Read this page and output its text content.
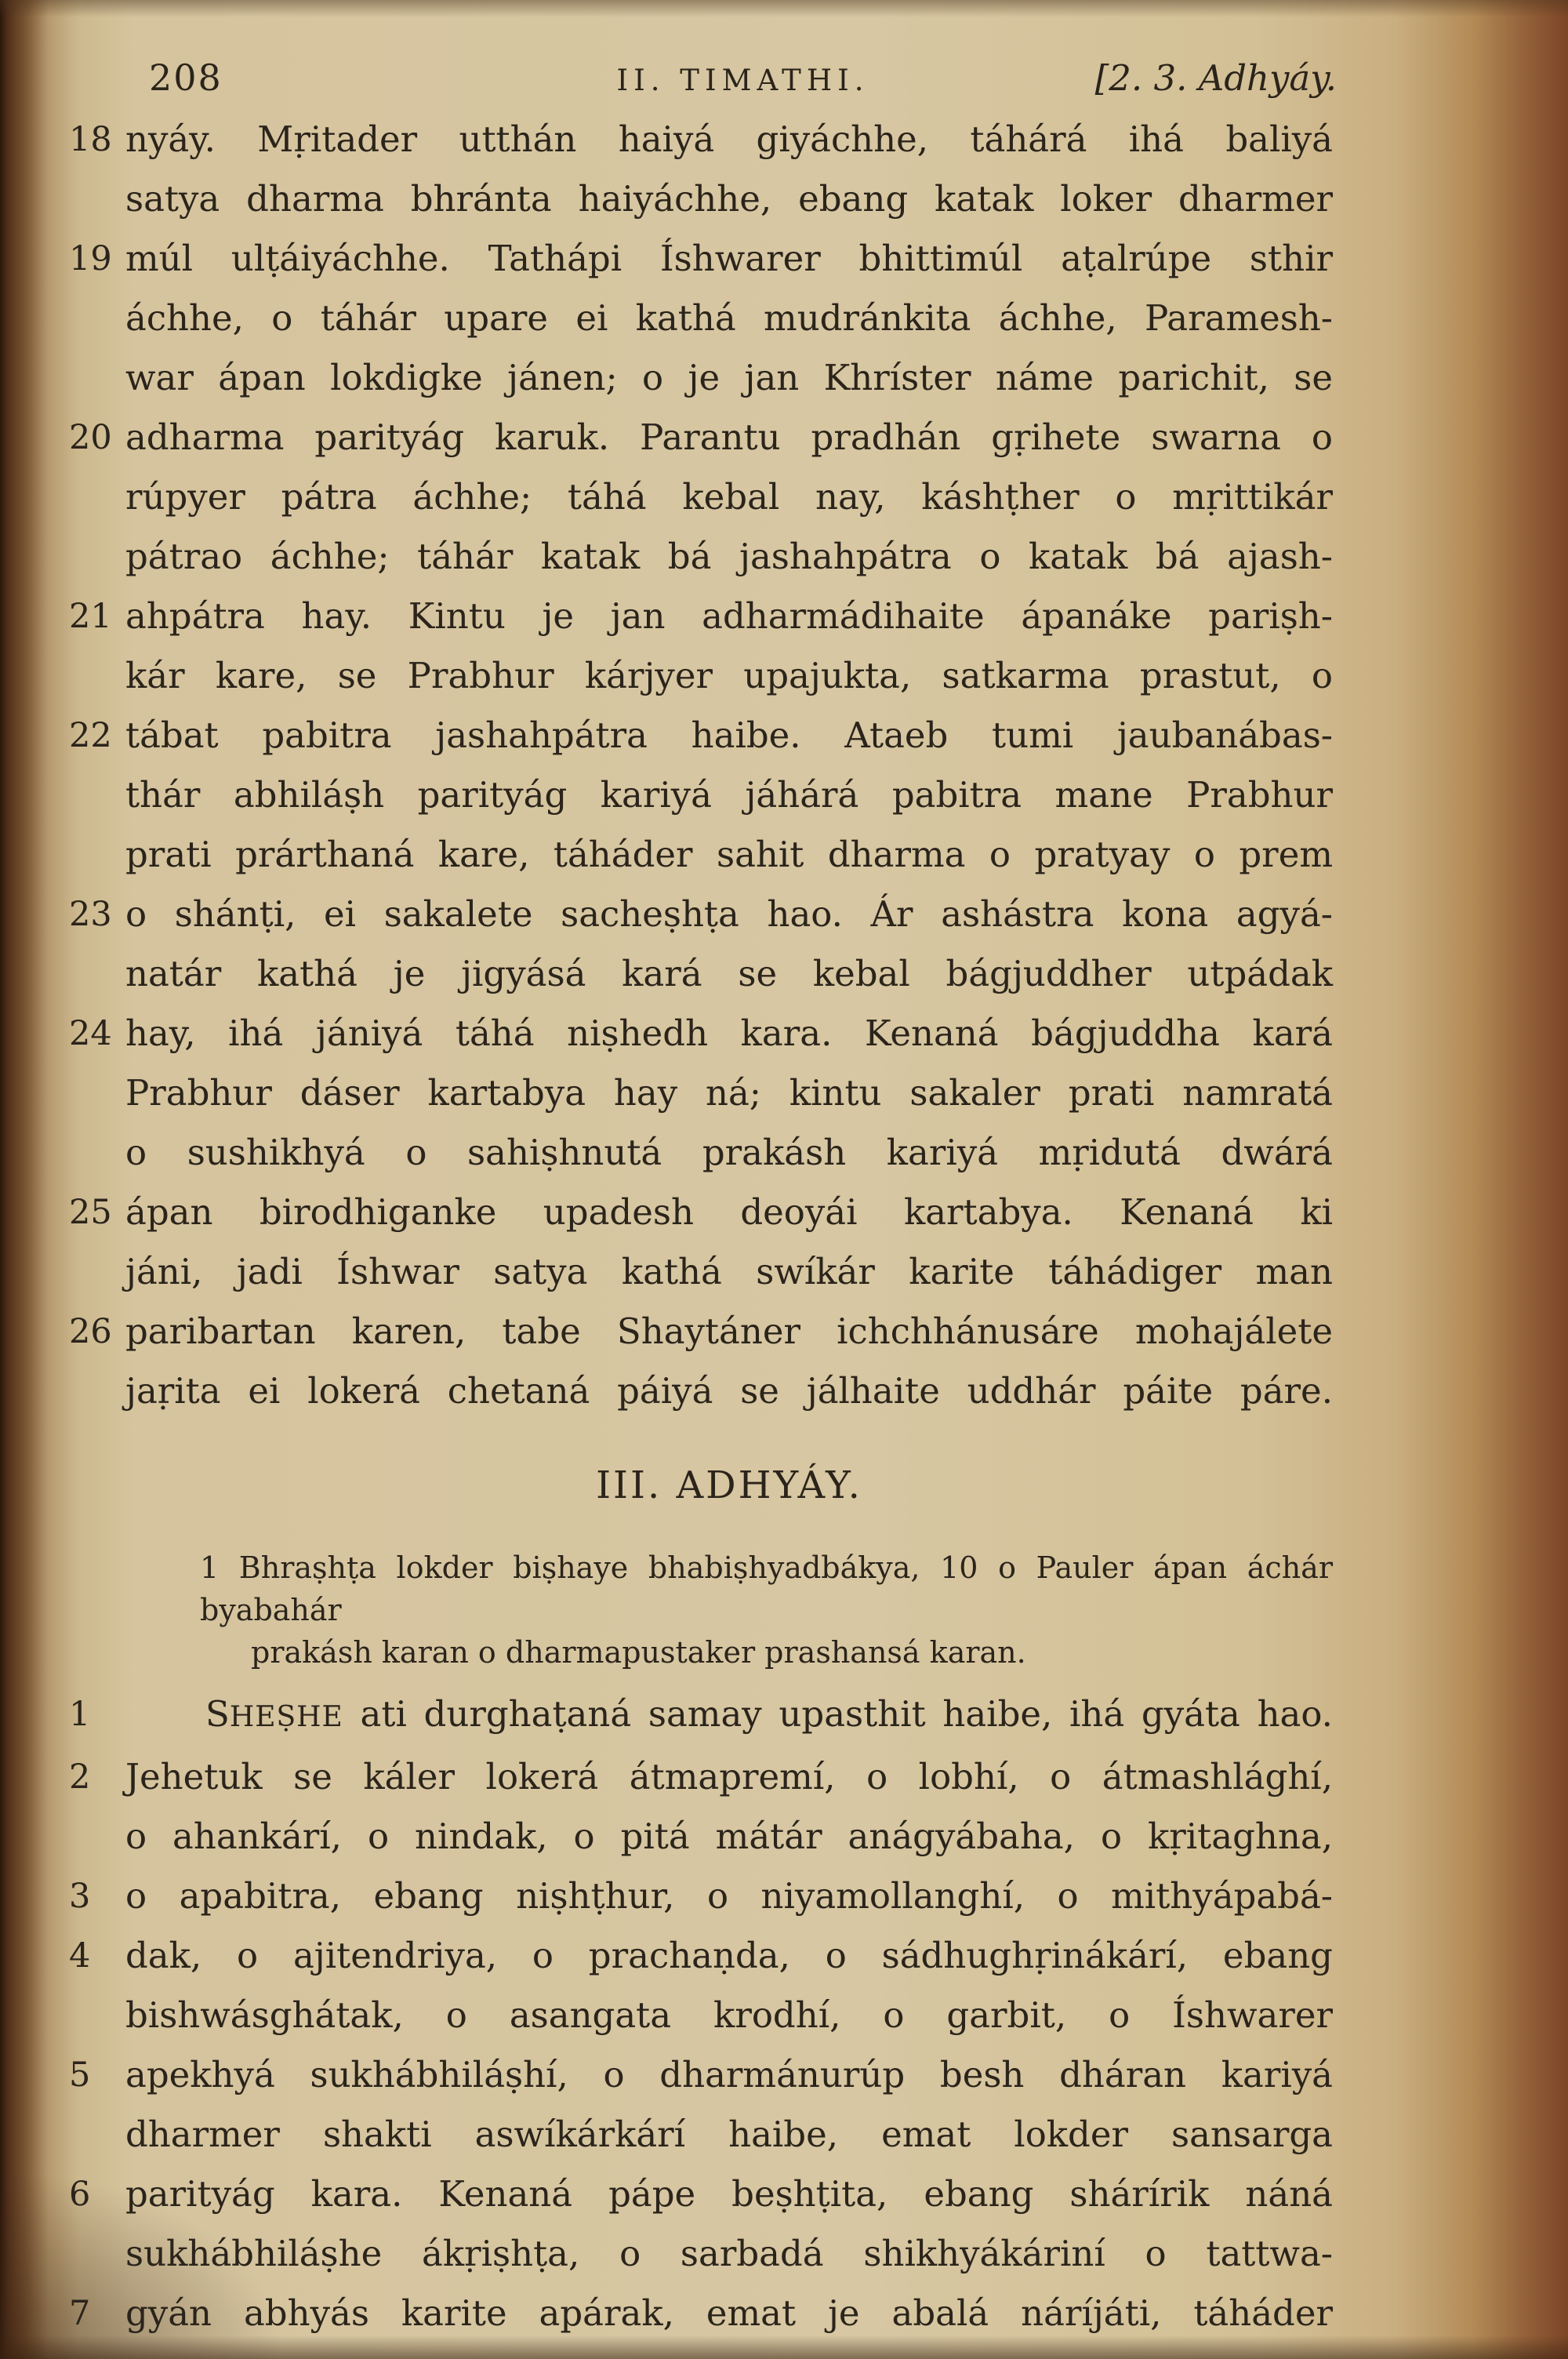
208	II. TIMATHI.	[2. 3. Adhyáy.
18 nyáy. Mṛitader utthán haiyá giyáchhe, táhárá ihá baliyá
satya dharma bhránta haiyáchhe, ebang katak loker dharmer
19 múl ulṭáiyáchhe. Tathápi Íshwarer bhittimúl aṭalrúpe sthir
áchhe, o táhár upare ei kathá mudránkita áchhe, Paramesh-
war ápan lokdigke jánen; o je jan Khríster náme parichit, se
20 adharma parityág karuk. Parantu pradhán gṛihete swarna o
rúpyer pátra áchhe; táhá kebal nay, káshṭher o mṛittikár
pátrao áchhe; táhár katak bá jashahpátra o katak bá ajash-
21 ahpátra hay. Kintu je jan adharmádihaite ápanáke pariṣh-
kár kare, se Prabhur kárjyer upajukta, satkarma prastut, o
22 tábat pabitra jashahpátra haibe. Ataeb tumi jaubanábas-
thár abhiláṣh parityág kariyá jáhárá pabitra mane Prabhur
prati prárthaná kare, táháder sahit dharma o pratyay o prem
23 o shánṭi, ei sakalete sacheṣhṭa hao. Ár ashástra kona agyá-
natár kathá je jigyásá kará se kebal bágjuddher utpádak
24 hay, ihá jániyá táhá niṣhedh kara. Kenaná bágjuddha kará
Prabhur dáser kartabya hay ná; kintu sakaler prati namratá
o sushikhyá o sahiṣhnutá prakásh kariyá mṛidutá dwárá
25 ápan birodhiganke upadesh deoyái kartabya. Kenaná ki
jáni, jadi Íshwar satya kathá swíkár karite táhádiger man
26 paribartan karen, tabe Shaytáner ichchhánusáre mohajálete
jaṛita ei lokerá chetaná páiyá se jálhaite uddhár páite páre.
III. ADHYÁY.
1 Bhraṣhṭa lokder biṣhaye bhabiṣhyadbákya, 10 o Pauler ápan áchár byabahár
prakásh karan o dharmapustaker prashansá karan.
1	SHEṢHE ati durghaṭaná samay upasthit haibe, ihá gyáta hao.
2 Jehetuk se káler lokerá átmapremí, o lobhí, o átmashlághí,
o ahankárí, o nindak, o pitá mátár anágyábaha, o kṛitaghna,
3 o apabitra, ebang niṣhṭhur, o niyamollanghí, o mithyápabá-
4 dak, o ajitendriya, o prachaṇda, o sádhughṛinákárí, ebang
bishwásghátak, o asangata krodhí, o garbit, o Íshwarer
5 apekhyá sukhábhiláṣhí, o dharmánurúp besh dháran kariyá
dharmer shakti aswíkárkárí haibe, emat lokder sansarga
6 parityág kara. Kenaná pápe beṣhṭita, ebang shárírik náná
sukhábhiláṣhe ákṛiṣhṭa, o sarbadá shikhyákáriní o tattwa-
7 gyán abhyás karite apárak, emat je abalá náríjáti, táháder
